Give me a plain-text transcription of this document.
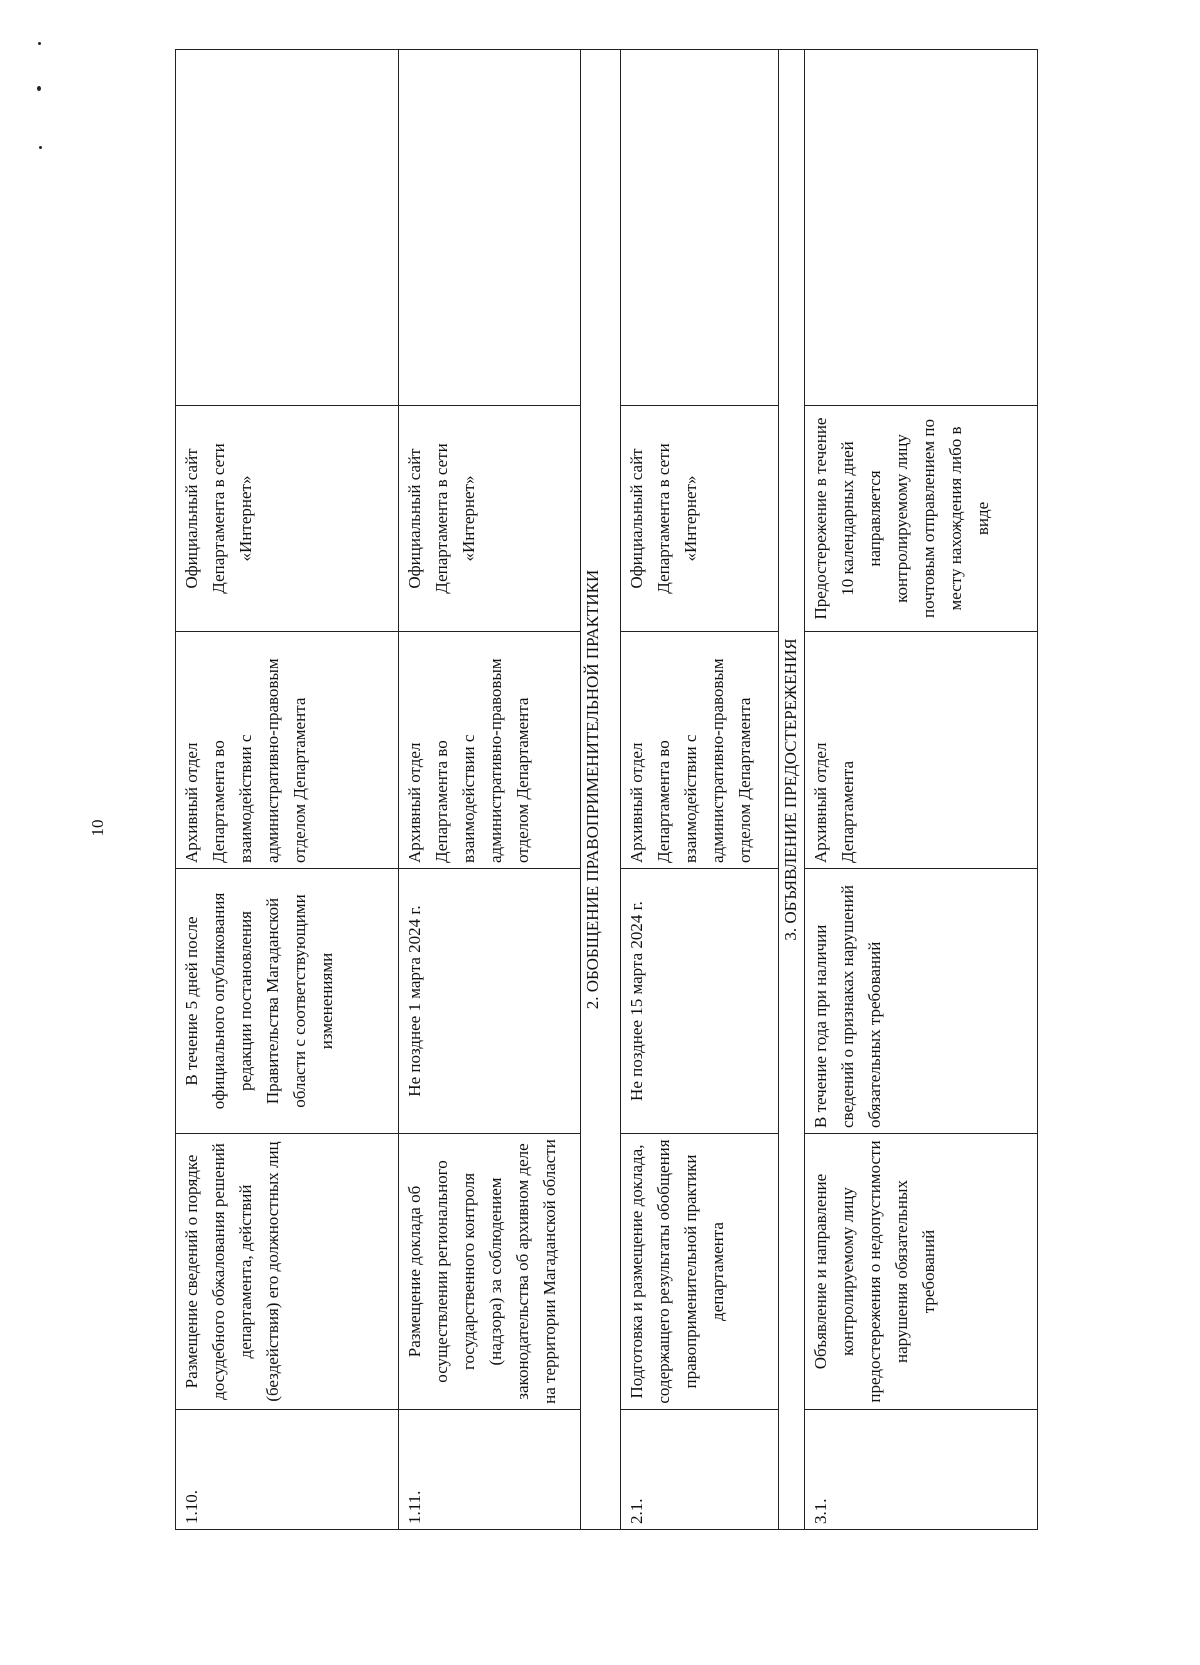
10
1.10.	Размещение сведений о порядке досудебного обжалования решений департамента, действий (бездействия) его должностных лиц	В течение 5 дней после официального опубликования редакции постановления Правительства Магаданской области с соответствующими изменениями	Архивный отдел Департамента во взаимодействии с административно-правовым отделом Департамента	Официальный сайт Департамента в сети «Интернет»	
1.11.	Размещение доклада об осуществлении регионального государственного контроля (надзора) за соблюдением законодательства об архивном деле на территории Магаданской области	Не позднее 1 марта 2024 г.	Архивный отдел Департамента во взаимодействии с административно-правовым отделом Департамента	Официальный сайт Департамента в сети «Интернет»	
2. ОБОБЩЕНИЕ ПРАВОПРИМЕНИТЕЛЬНОЙ ПРАКТИКИ					
2.1.	Подготовка и размещение доклада, содержащего результаты обобщения правоприменительной практики департамента	Не позднее 15 марта 2024 г.	Архивный отдел Департамента во взаимодействии с административно-правовым отделом Департамента	Официальный сайт Департамента в сети «Интернет»	
3. ОБЪЯВЛЕНИЕ ПРЕДОСТЕРЕЖЕНИЯ					
3.1.	Объявление и направление контролируемому лицу предостережения о недопустимости нарушения обязательных требований	В течение года при наличии сведений о признаках нарушений обязательных требований	Архивный отдел Департамента	Предостережение в течение 10 календарных дней направляется контролируемому лицу почтовым отправлением по месту нахождения либо в виде	
